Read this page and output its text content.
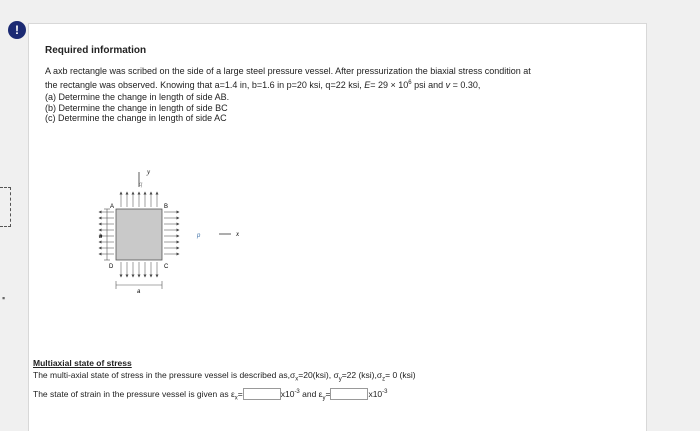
!
▪
Required information

A axb rectangle was scribed on the side of a large steel pressure vessel. After pressurization the biaxial stress condition at

the rectangle was observed. Knowing that a=1.4 in, b=1.6 in p=20 ksi, q=22 ksi, $E= 29 \times 10^6$ psi and v = 0.30,

(a) Determine the change in length of side AB.
(b) Determine the change in length of side BC
(c) Determine the change in length of side AC
y
x
q
A	B
C
D
p
b
a
Multiaxial state of stress
The multi-axial state of stress in the pressure vessel is described $as,\sigma_x=20(ksi)$, $\sigma_y=22$ $(ksi),\sigma_z= 0$ (ksi)
The state of strain in the pressure vessel is given as $\varepsilon_x=$	$x10^{-3}$ and $\varepsilon_y=$	$x10^{-3}$
